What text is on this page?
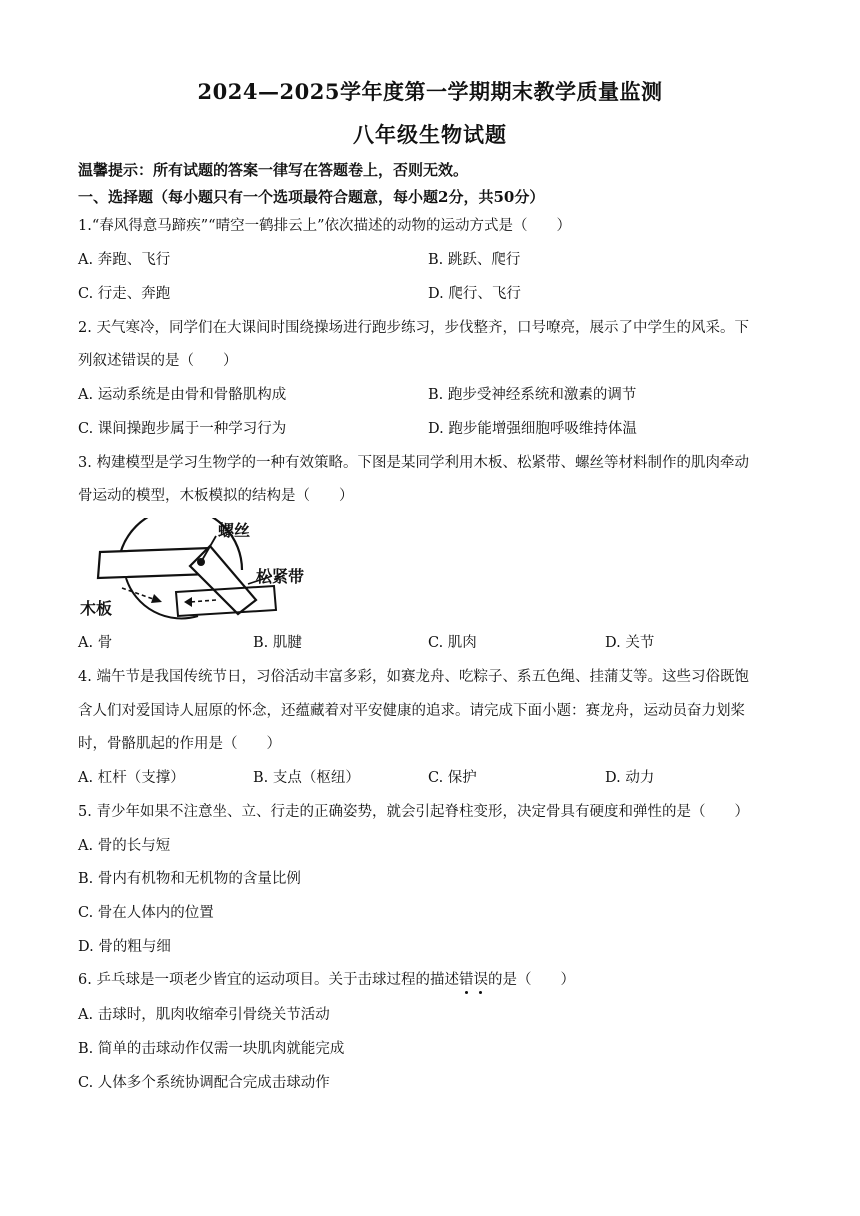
2024—2025学年度第一学期期末教学质量监测
八年级生物试题
温馨提示：所有试题的答案一律写在答题卷上，否则无效。
一、选择题（每小题只有一个选项最符合题意，每小题2分，共50分）
1.“春风得意马蹄疾”“晴空一鹤排云上”依次描述的动物的运动方式是（　　）
A. 奔跑、飞行	B. 跳跃、爬行
C. 行走、奔跑	D. 爬行、飞行
2. 天气寒冷，同学们在大课间时围绕操场进行跑步练习，步伐整齐，口号嘹亮，展示了中学生的风采。下
列叙述错误的是（　　）
A. 运动系统是由骨和骨骼肌构成	B. 跑步受神经系统和激素的调节
C. 课间操跑步属于一种学习行为	D. 跑步能增强细胞呼吸维持体温
3. 构建模型是学习生物学的一种有效策略。下图是某同学利用木板、松紧带、螺丝等材料制作的肌肉牵动
骨运动的模型，木板模拟的结构是（　　）
螺丝
松紧带
木板
A. 骨	B. 肌腱	C. 肌肉	D. 关节
4. 端午节是我国传统节日，习俗活动丰富多彩，如赛龙舟、吃粽子、系五色绳、挂蒲艾等。这些习俗既饱
含人们对爱国诗人屈原的怀念，还蕴藏着对平安健康的追求。请完成下面小题：赛龙舟，运动员奋力划桨
时，骨骼肌起的作用是（　　）
A. 杠杆（支撑）	B. 支点（枢纽）	C. 保护	D. 动力
5. 青少年如果不注意坐、立、行走的正确姿势，就会引起脊柱变形，决定骨具有硬度和弹性的是（　　）
A. 骨的长与短
B. 骨内有机物和无机物的含量比例
C. 骨在人体内的位置
D. 骨的粗与细
6. 乒乓球是一项老少皆宜的运动项目。关于击球过程的描述错
误
的是（　　）
A. 击球时，肌肉收缩牵引骨绕关节活动
B. 简单的击球动作仅需一块肌肉就能完成
C. 人体多个系统协调配合完成击球动作
